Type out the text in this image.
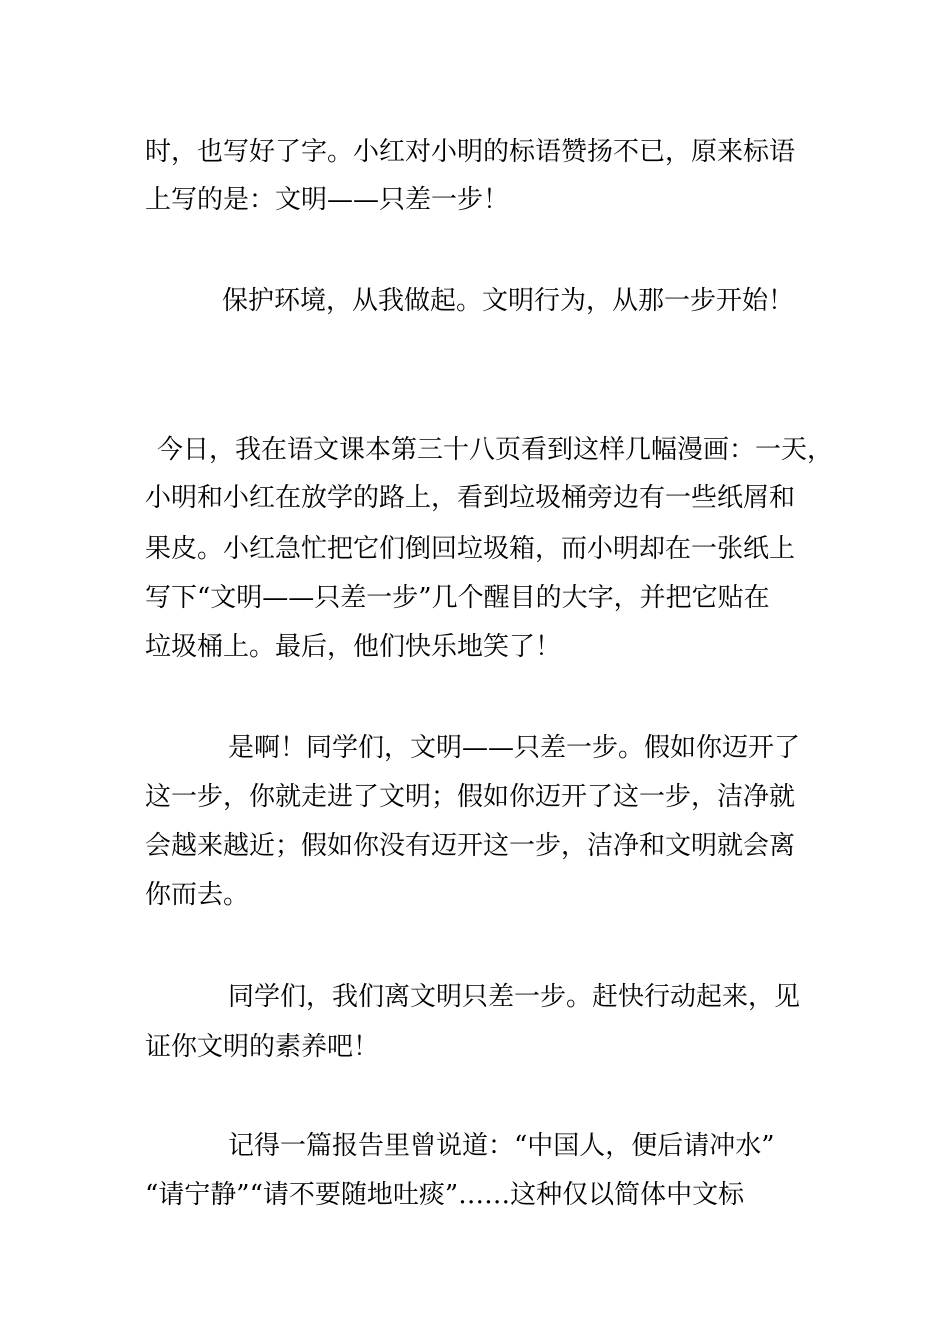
时，也写好了字。小红对小明的标语赞扬不已，原来标语
上写的是：文明——只差一步！
保护环境，从我做起。文明行为，从那一步开始！
今日，我在语文课本第三十八页看到这样几幅漫画：一天，
小明和小红在放学的路上，看到垃圾桶旁边有一些纸屑和
果皮。小红急忙把它们倒回垃圾箱，而小明却在一张纸上
写下“文明——只差一步”几个醒目的大字，并把它贴在
垃圾桶上。最后，他们快乐地笑了！
是啊！同学们，文明——只差一步。假如你迈开了
这一步，你就走进了文明；假如你迈开了这一步，洁净就
会越来越近；假如你没有迈开这一步，洁净和文明就会离
你而去。
同学们，我们离文明只差一步。赶快行动起来，见
证你文明的素养吧！
记得一篇报告里曾说道：“中国人，便后请冲水”
“请宁静”“请不要随地吐痰”……这种仅以简体中文标
